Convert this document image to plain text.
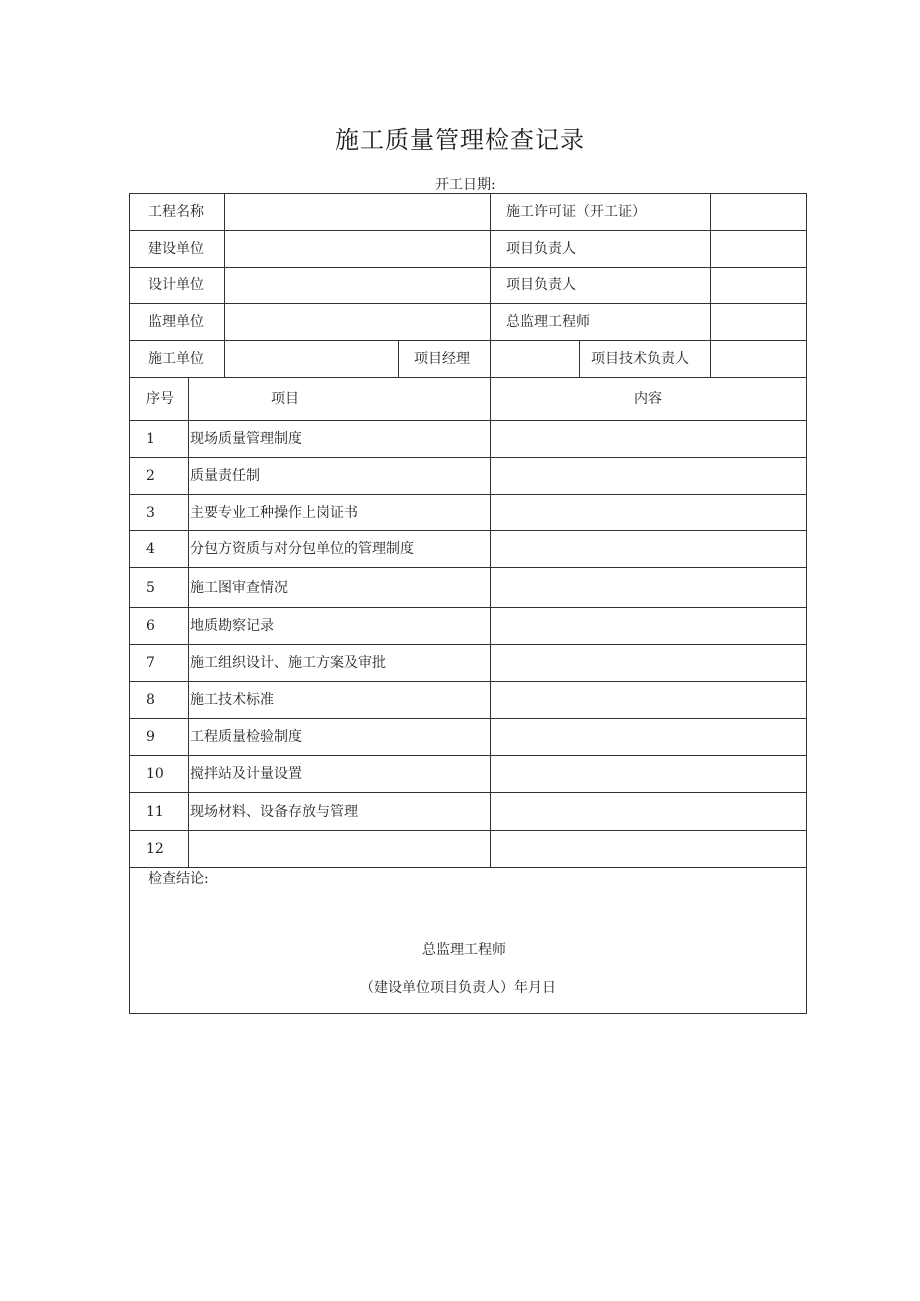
施工质量管理检查记录
开工日期:
工程名称	施工许可证（开工证）
建设单位	项目负责人
设计单位	项目负责人
监理单位	总监理工程师
施工单位	项目经理	项目技术负责人
序号	项目	内容
1	现场质量管理制度
2	质量责任制
3	主要专业工种操作上岗证书
4	分包方资质与对分包单位的管理制度
5	施工图审查情况
6	地质勘察记录
7	施工组织设计、施工方案及审批
8	施工技术标准
9	工程质量检验制度
10 搅拌站及计量设置
11 现场材料、设备存放与管理
12
检查结论:
总监理工程师
（建设单位项目负责人）年月日
